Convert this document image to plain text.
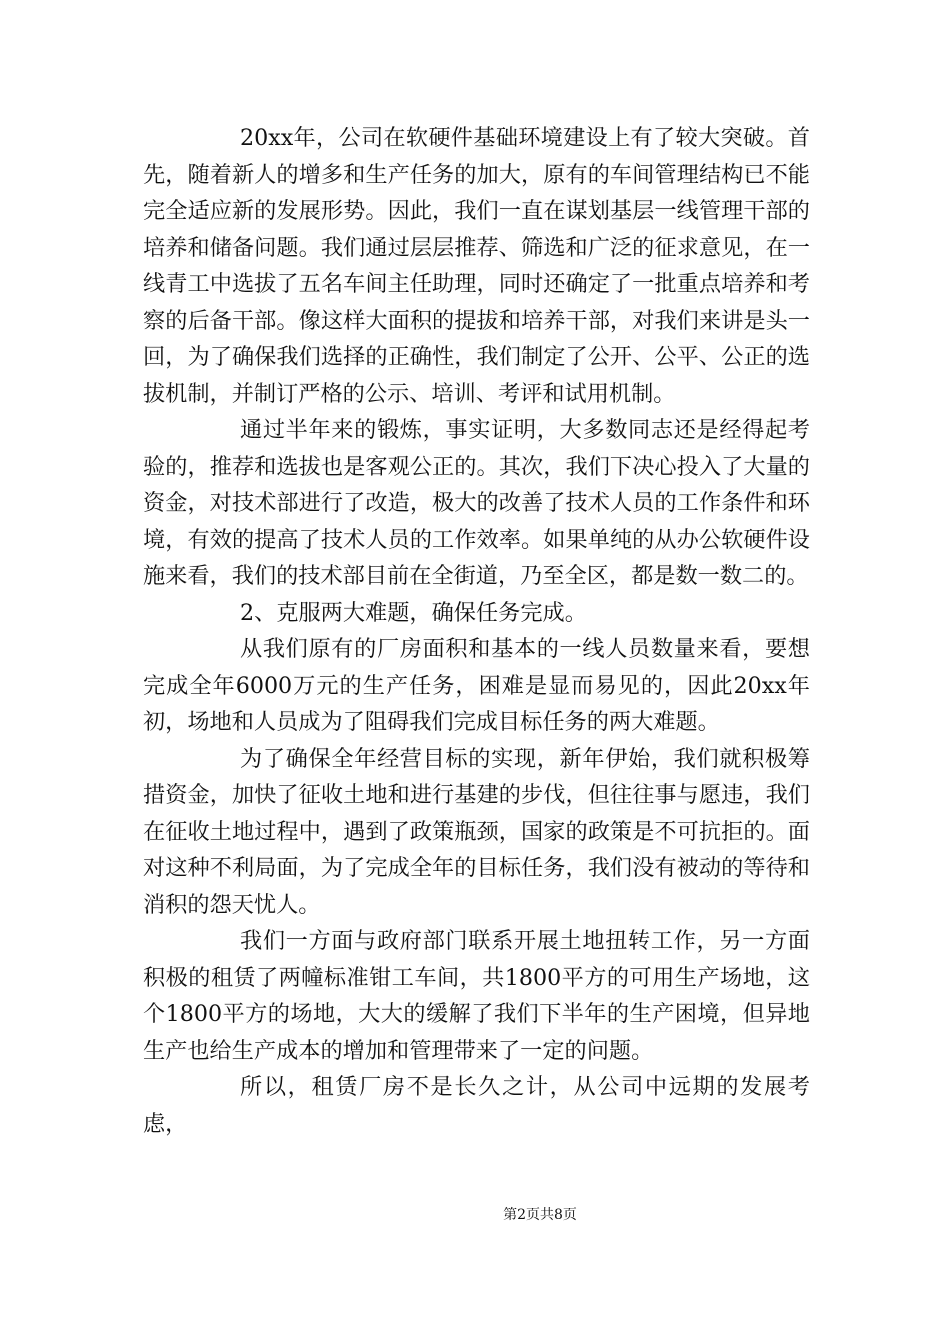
20xx年，公司在软硬件基础环境建设上有了较大突破。首先，随着新人的增多和生产任务的加大，原有的车间管理结构已不能完全适应新的发展形势。因此，我们一直在谋划基层一线管理干部的培养和储备问题。我们通过层层推荐、筛选和广泛的征求意见，在一线青工中选拔了五名车间主任助理，同时还确定了一批重点培养和考察的后备干部。像这样大面积的提拔和培养干部，对我们来讲是头一回，为了确保我们选择的正确性，我们制定了公开、公平、公正的选拔机制，并制订严格的公示、培训、考评和试用机制。

通过半年来的锻炼，事实证明，大多数同志还是经得起考验的，推荐和选拔也是客观公正的。其次，我们下决心投入了大量的资金，对技术部进行了改造，极大的改善了技术人员的工作条件和环境，有效的提高了技术人员的工作效率。如果单纯的从办公软硬件设施来看，我们的技术部目前在全街道，乃至全区，都是数一数二的。

2、克服两大难题，确保任务完成。

从我们原有的厂房面积和基本的一线人员数量来看，要想完成全年6000万元的生产任务，困难是显而易见的，因此20xx年初，场地和人员成为了阻碍我们完成目标任务的两大难题。

为了确保全年经营目标的实现，新年伊始，我们就积极筹措资金，加快了征收土地和进行基建的步伐，但往往事与愿违，我们在征收土地过程中，遇到了政策瓶颈，国家的政策是不可抗拒的。面对这种不利局面，为了完成全年的目标任务，我们没有被动的等待和消积的怨天忧人。

我们一方面与政府部门联系开展土地扭转工作，另一方面积极的租赁了两幢标准钳工车间，共1800平方的可用生产场地，这个1800平方的场地，大大的缓解了我们下半年的生产困境，但异地生产也给生产成本的增加和管理带来了一定的问题。

所以，租赁厂房不是长久之计，从公司中远期的发展考虑，

第2页共8页
